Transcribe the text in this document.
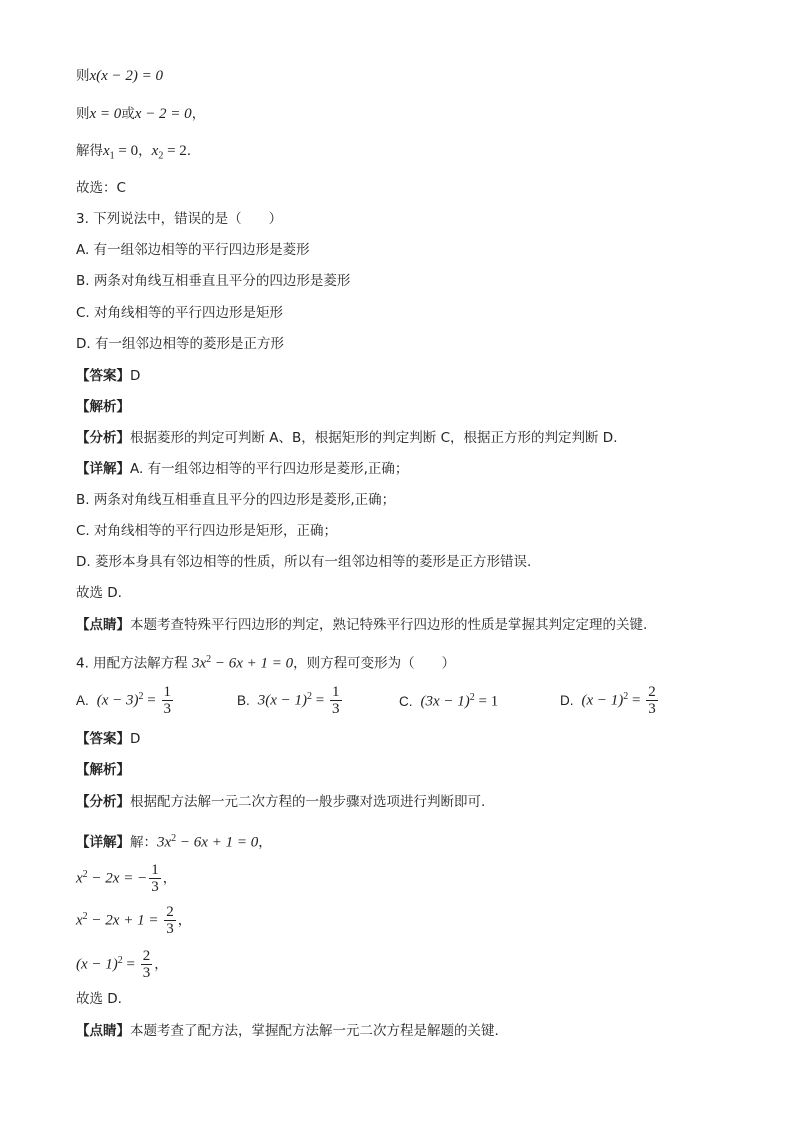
则x(x − 2) = 0
则x = 0或x − 2 = 0，
解得$x_1 = 0$，$x_2 = 2$.
故选：C
3. 下列说法中，错误的是（　　）
A. 有一组邻边相等的平行四边形是菱形
B. 两条对角线互相垂直且平分的四边形是菱形
C. 对角线相等的平行四边形是矩形
D. 有一组邻边相等的菱形是正方形
【答案】D
【解析】
【分析】根据菱形的判定可判断 A、B，根据矩形的判定判断 C，根据正方形的判定判断 D.
【详解】A. 有一组邻边相等的平行四边形是菱形,正确；
B. 两条对角线互相垂直且平分的四边形是菱形,正确；
C. 对角线相等的平行四边形是矩形，正确；
D. 菱形本身具有邻边相等的性质，所以有一组邻边相等的菱形是正方形错误.
故选 D.
【点睛】本题考查特殊平行四边形的判定，熟记特殊平行四边形的性质是掌握其判定定理的关键.
4. 用配方法解方程 $3x^2 - 6x + 1 = 0$，则方程可变形为（　　）
A. $(x - 3)^2 = \frac{1}{3}$	B. $3(x - 1)^2 = \frac{1}{3}$	C. $(3x - 1)^2 = 1$	D. $(x - 1)^2 = \frac{2}{3}$
【答案】D
【解析】
【分析】根据配方法解一元二次方程的一般步骤对选项进行判断即可.
【详解】解：$3x^2 - 6x + 1 = 0$，
$x^2 - 2x$ = − $\frac{1}{3}$ ，
$x^2 - 2x + 1 = \frac{2}{3}$ ，
$(x - 1)^2 = \frac{2}{3}$ ，
故选 D.
【点睛】本题考查了配方法，掌握配方法解一元二次方程是解题的关键.
